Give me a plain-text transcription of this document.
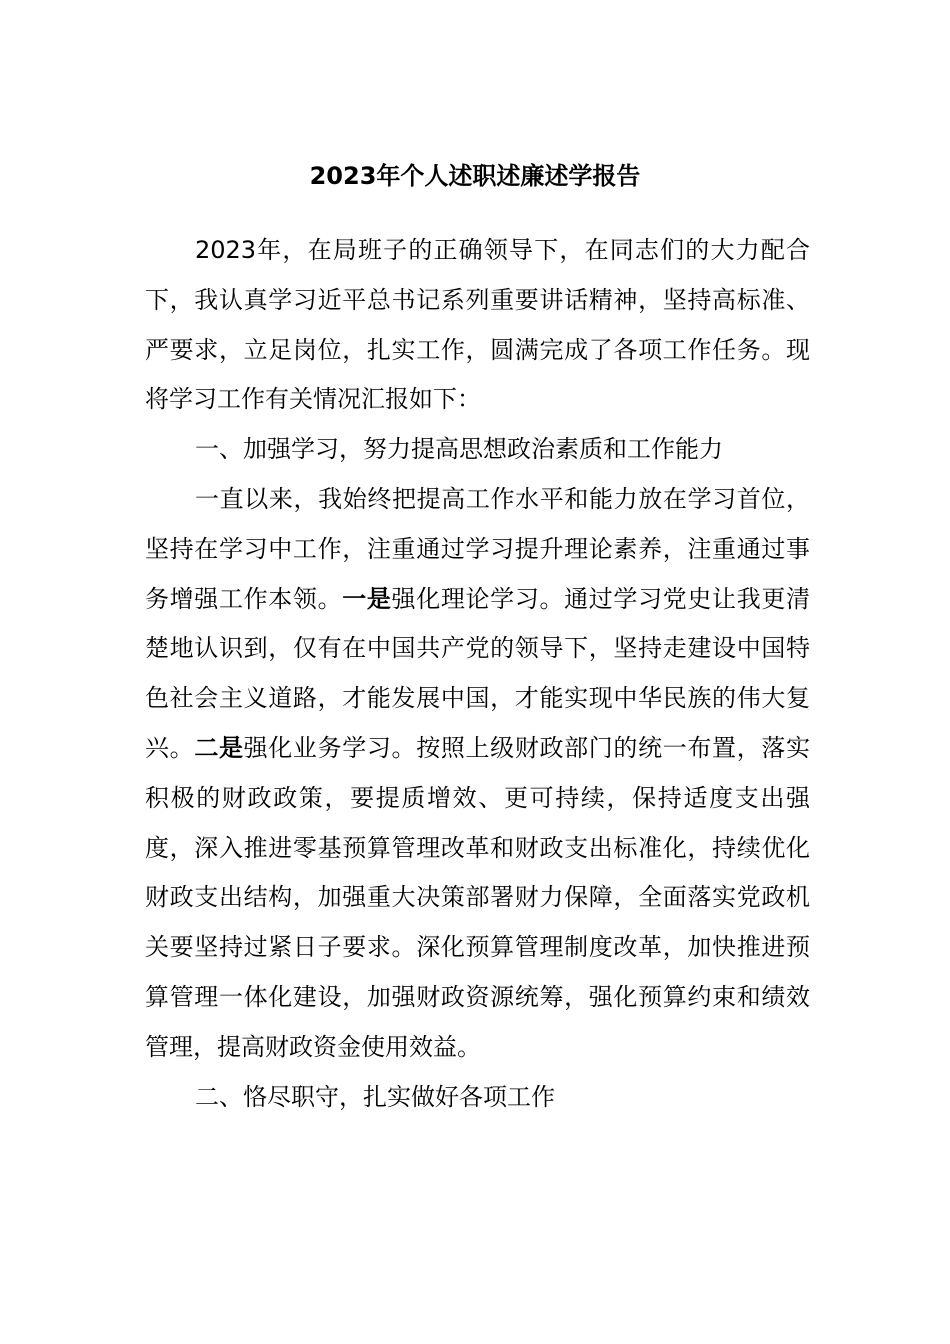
2023年个人述职述廉述学报告

2023年，在局班子的正确领导下，在同志们的大力配合下，我认真学习近平总书记系列重要讲话精神，坚持高标准、严要求，立足岗位，扎实工作，圆满完成了各项工作任务。现将学习工作有关情况汇报如下：

一、加强学习，努力提高思想政治素质和工作能力

一直以来，我始终把提高工作水平和能力放在学习首位，坚持在学习中工作，注重通过学习提升理论素养，注重通过事务增强工作本领。一是强化理论学习。通过学习党史让我更清楚地认识到，仅有在中国共产党的领导下，坚持走建设中国特色社会主义道路，才能发展中国，才能实现中华民族的伟大复兴。二是强化业务学习。按照上级财政部门的统一布置，落实积极的财政政策，要提质增效、更可持续，保持适度支出强度，深入推进零基预算管理改革和财政支出标准化，持续优化财政支出结构，加强重大决策部署财力保障，全面落实党政机关要坚持过紧日子要求。深化预算管理制度改革，加快推进预算管理一体化建设，加强财政资源统筹，强化预算约束和绩效管理，提高财政资金使用效益。

二、恪尽职守，扎实做好各项工作
